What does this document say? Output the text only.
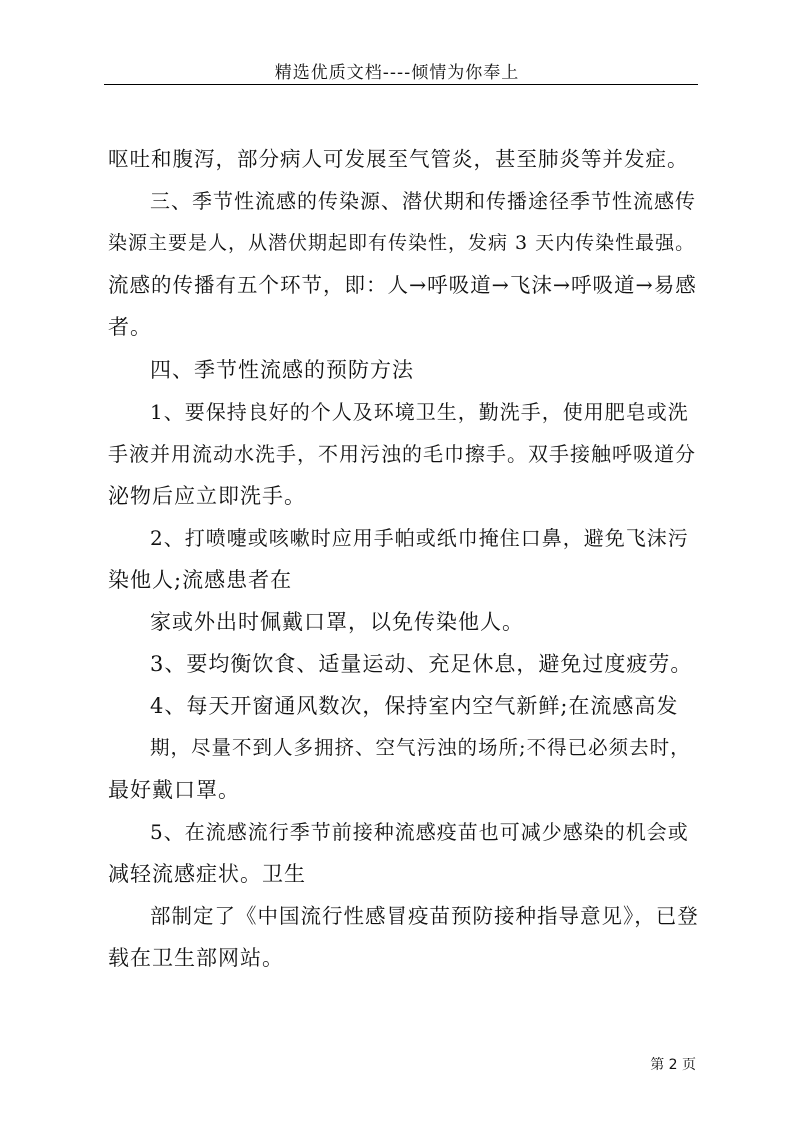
精选优质文档----倾情为你奉上
呕吐和腹泻，部分病人可发展至气管炎，甚至肺炎等并发症。
三、季节性流感的传染源、潜伏期和传播途径季节性流感传
染源主要是人，从潜伏期起即有传染性，发病 3 天内传染性最强。
流感的传播有五个环节，即：人→呼吸道→飞沫→呼吸道→易感
者。
四、季节性流感的预防方法
1、要保持良好的个人及环境卫生，勤洗手，使用肥皂或洗
手液并用流动水洗手，不用污浊的毛巾擦手。双手接触呼吸道分
泌物后应立即洗手。
2、打喷嚏或咳嗽时应用手帕或纸巾掩住口鼻，避免飞沫污
染他人;流感患者在
家或外出时佩戴口罩，以免传染他人。
3、要均衡饮食、适量运动、充足休息，避免过度疲劳。
4、每天开窗通风数次，保持室内空气新鲜;在流感高发
期，尽量不到人多拥挤、空气污浊的场所;不得已必须去时，
最好戴口罩。
5、在流感流行季节前接种流感疫苗也可减少感染的机会或
减轻流感症状。卫生
部制定了《中国流行性感冒疫苗预防接种指导意见》，已登
载在卫生部网站。
第 2 页
